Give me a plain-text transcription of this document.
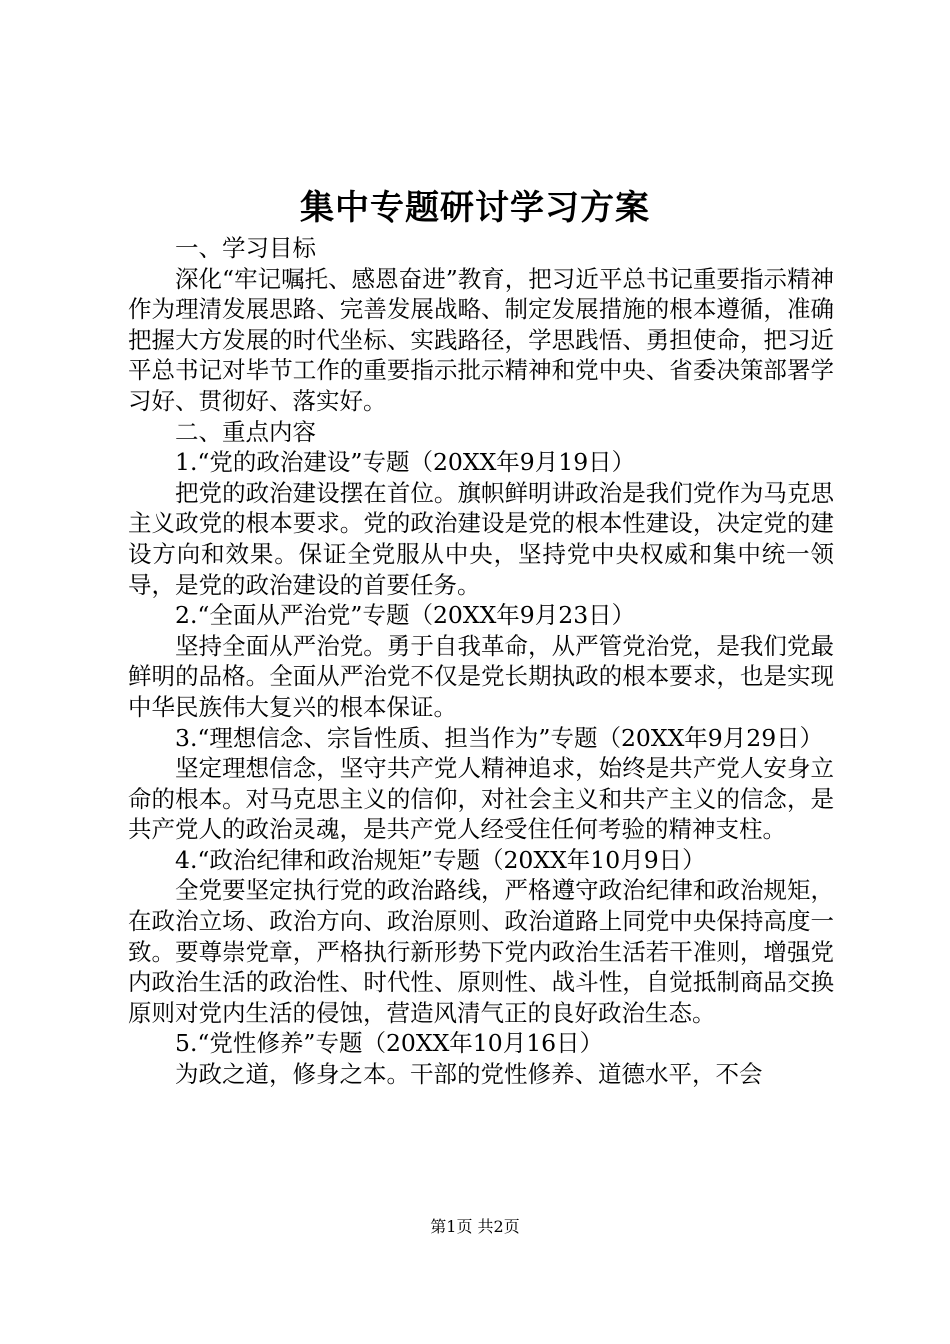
集中专题研讨学习方案

一、学习目标

深化“牢记嘱托、感恩奋进”教育，把习近平总书记重要指示精神作为理清发展思路、完善发展战略、制定发展措施的根本遵循，准确把握大方发展的时代坐标、实践路径，学思践悟、勇担使命，把习近平总书记对毕节工作的重要指示批示精神和党中央、省委决策部署学习好、贯彻好、落实好。

二、重点内容

1.“党的政治建设”专题（20XX年9月19日）

把党的政治建设摆在首位。旗帜鲜明讲政治是我们党作为马克思主义政党的根本要求。党的政治建设是党的根本性建设，决定党的建设方向和效果。保证全党服从中央，坚持党中央权威和集中统一领导，是党的政治建设的首要任务。

2.“全面从严治党”专题（20XX年9月23日）

坚持全面从严治党。勇于自我革命，从严管党治党，是我们党最鲜明的品格。全面从严治党不仅是党长期执政的根本要求，也是实现中华民族伟大复兴的根本保证。

3.“理想信念、宗旨性质、担当作为”专题（20XX年9月29日）

坚定理想信念，坚守共产党人精神追求，始终是共产党人安身立命的根本。对马克思主义的信仰，对社会主义和共产主义的信念，是共产党人的政治灵魂，是共产党人经受住任何考验的精神支柱。

4.“政治纪律和政治规矩”专题（20XX年10月9日）

全党要坚定执行党的政治路线，严格遵守政治纪律和政治规矩，在政治立场、政治方向、政治原则、政治道路上同党中央保持高度一致。要尊崇党章，严格执行新形势下党内政治生活若干准则，增强党内政治生活的政治性、时代性、原则性、战斗性，自觉抵制商品交换原则对党内生活的侵蚀，营造风清气正的良好政治生态。

5.“党性修养”专题（20XX年10月16日）

为政之道，修身之本。干部的党性修养、道德水平，不会

第1页 共2页
